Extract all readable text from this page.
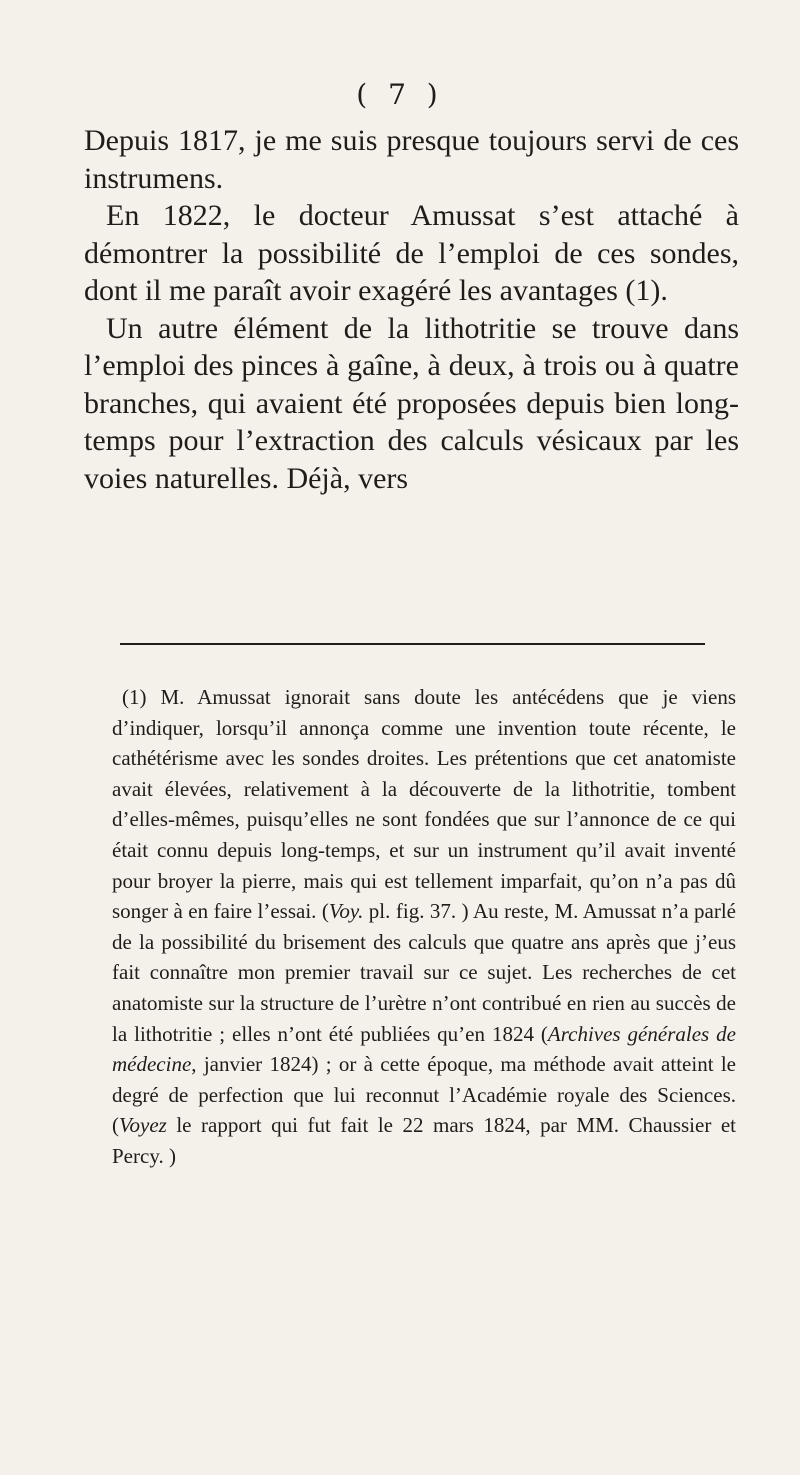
( 7 )

Depuis 1817, je me suis presque toujours servi de ces instrumens.

En 1822, le docteur Amussat s’est attaché à démontrer la possibilité de l’emploi de ces sondes, dont il me paraît avoir exagéré les avantages (1).

Un autre élément de la lithotritie se trouve dans l’emploi des pinces à gaîne, à deux, à trois ou à quatre branches, qui avaient été proposées depuis bien long-temps pour l’extraction des calculs vésicaux par les voies naturelles. Déjà, vers

(1) M. Amussat ignorait sans doute les antécédens que je viens d’indiquer, lorsqu’il annonça comme une invention toute récente, le cathétérisme avec les sondes droites. Les prétentions que cet anatomiste avait élevées, relativement à la découverte de la lithotritie, tombent d’elles-mêmes, puisqu’elles ne sont fondées que sur l’annonce de ce qui était connu depuis long-temps, et sur un instrument qu’il avait inventé pour broyer la pierre, mais qui est tellement imparfait, qu’on n’a pas dû songer à en faire l’essai. (Voy. pl. fig. 37. ) Au reste, M. Amussat n’a parlé de la possibilité du brisement des calculs que quatre ans après que j’eus fait connaître mon premier travail sur ce sujet. Les recherches de cet anatomiste sur la structure de l’urètre n’ont contribué en rien au succès de la lithotritie ; elles n’ont été publiées qu’en 1824 (Archives générales de médecine, janvier 1824) ; or à cette époque, ma méthode avait atteint le degré de perfection que lui reconnut l’Académie royale des Sciences. (Voyez le rapport qui fut fait le 22 mars 1824, par MM. Chaussier et Percy. )
